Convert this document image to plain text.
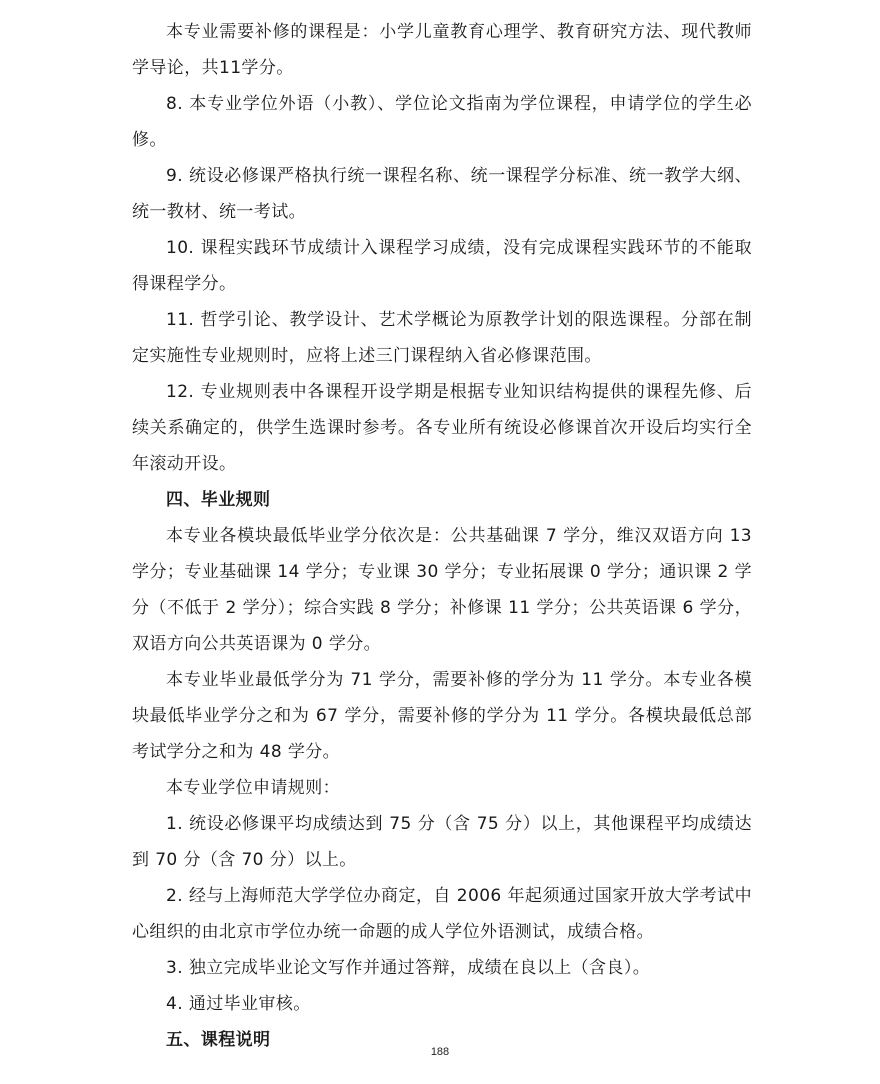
本专业需要补修的课程是：小学儿童教育心理学、教育研究方法、现代教师学导论，共11学分。

8. 本专业学位外语（小教）、学位论文指南为学位课程，申请学位的学生必修。

9. 统设必修课严格执行统一课程名称、统一课程学分标准、统一教学大纲、统一教材、统一考试。

10. 课程实践环节成绩计入课程学习成绩，没有完成课程实践环节的不能取得课程学分。

11. 哲学引论、教学设计、艺术学概论为原教学计划的限选课程。分部在制定实施性专业规则时，应将上述三门课程纳入省必修课范围。

12. 专业规则表中各课程开设学期是根据专业知识结构提供的课程先修、后续关系确定的，供学生选课时参考。各专业所有统设必修课首次开设后均实行全年滚动开设。

四、毕业规则

本专业各模块最低毕业学分依次是：公共基础课 7 学分，维汉双语方向 13 学分；专业基础课 14 学分；专业课 30 学分；专业拓展课 0 学分；通识课 2 学分（不低于 2 学分）；综合实践 8 学分；补修课 11 学分；公共英语课 6 学分，双语方向公共英语课为 0 学分。

本专业毕业最低学分为 71 学分，需要补修的学分为 11 学分。本专业各模块最低毕业学分之和为 67 学分，需要补修的学分为 11 学分。各模块最低总部考试学分之和为 48 学分。

本专业学位申请规则：

1. 统设必修课平均成绩达到 75 分（含 75 分）以上，其他课程平均成绩达到 70 分（含 70 分）以上。

2. 经与上海师范大学学位办商定，自 2006 年起须通过国家开放大学考试中心组织的由北京市学位办统一命题的成人学位外语测试，成绩合格。

3. 独立完成毕业论文写作并通过答辩，成绩在良以上（含良）。

4. 通过毕业审核。

五、课程说明

188
